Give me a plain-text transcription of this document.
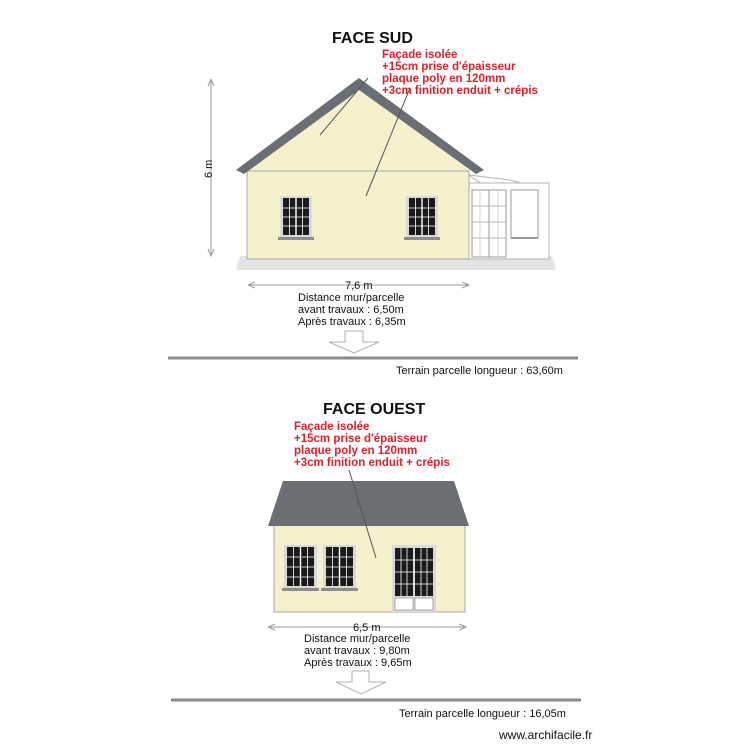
FACE SUD
6 m
Façade isolée +15cm prise d'épaisseur plaque poly en 120mm +3cm finition enduit + crépis
7,6 m
Distance mur/parcelle avant travaux : 6,50m Après travaux : 6,35m
Terrain parcelle longueur : 63,60m
FACE OUEST
Façade isolée +15cm prise d'épaisseur plaque poly en 120mm +3cm finition enduit + crépis
6,5 m
Distance mur/parcelle avant travaux : 9,80m Après travaux : 9,65m
Terrain parcelle longueur : 16,05m
www.archifacile.fr
